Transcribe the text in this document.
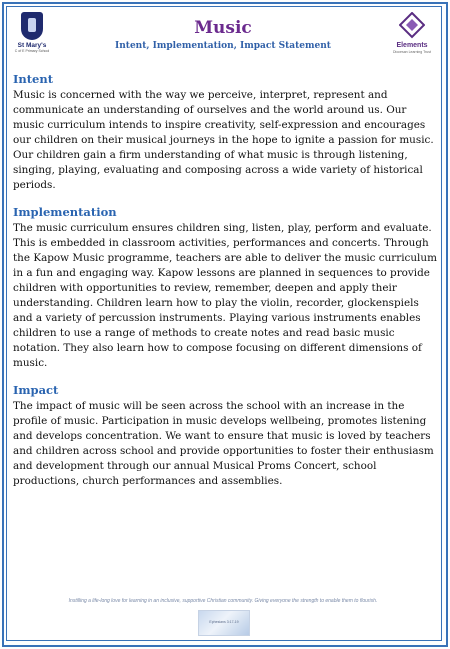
St Mary's
C of E Primary School
Music
Intent, Implementation, Impact Statement	Elements
Diocesan Learning Trust
Intent
Music is concerned with the way we perceive, interpret, represent and communicate an understanding of ourselves and the world around us. Our music curriculum intends to inspire creativity, self-expression and encourages our children on their musical journeys in the hope to ignite a passion for music. Our children gain a firm understanding of what music is through listening, singing, playing, evaluating and composing across a wide variety of historical periods.
Implementation
The music curriculum ensures children sing, listen, play, perform and evaluate. This is embedded in classroom activities, performances and concerts. Through the Kapow Music programme, teachers are able to deliver the music curriculum in a fun and engaging way. Kapow lessons are planned in sequences to provide children with opportunities to review, remember, deepen and apply their understanding. Children learn how to play the violin, recorder, glockenspiels and a variety of percussion instruments. Playing various instruments enables children to use a range of methods to create notes and read basic music notation. They also learn how to compose focusing on different dimensions of music.
Impact
The impact of music will be seen across the school with an increase in the profile of music. Participation in music develops wellbeing, promotes listening and develops concentration. We want to ensure that music is loved by teachers and children across school and provide opportunities to foster their enthusiasm and development through our annual Musical Proms Concert, school productions, church performances and assemblies.
Instilling a life-long love for learning in an inclusive, supportive Christian community. Giving everyone the strength to enable them to flourish.
Ephesians 3:17-19
